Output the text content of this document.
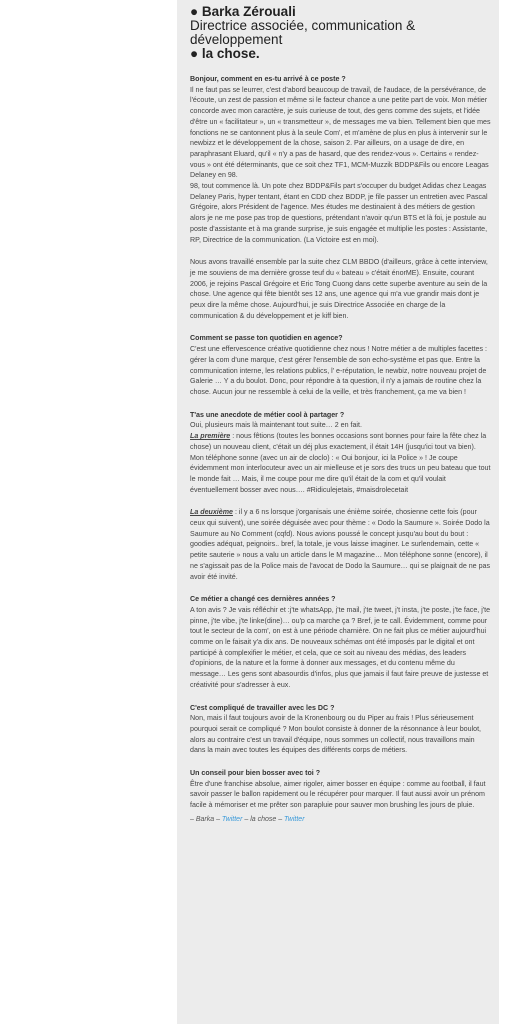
● Barka Zérouali
Directrice associée, communication &
développement
● la chose.
Bonjour, comment en es-tu arrivé à ce poste ?

Il ne faut pas se leurrer, c'est d'abord beaucoup de travail, de l'audace, de la persévérance, de l'écoute, un zest de passion et même si le facteur chance a une petite part de voix. Mon métier concorde avec mon caractère, je suis curieuse de tout, des gens comme des sujets, et l'idée d'être un « facilitateur », un « transmetteur », de messages me va bien. Tellement bien que mes fonctions ne se cantonnent plus à la seule Com', et m'amène de plus en plus à intervenir sur le newbizz et le développement de la chose, saison 2. Par ailleurs, on a usage de dire, en paraphrasant Eluard, qu'il « n'y a pas de hasard, que des rendez-vous ». Certains « rendez-vous » ont été déterminants, que ce soit chez TF1, MCM-Muzzik BDDP&Fils ou encore Leagas Delaney en 98.

98, tout commence là. Un pote chez BDDP&Fils part s'occuper du budget Adidas chez Leagas Delaney Paris, hyper tentant, étant en CDD chez BDDP, je file passer un entretien avec Pascal Grégoire, alors Président de l'agence. Mes études me destinaient à des métiers de gestion alors je ne me pose pas trop de questions, prétendant n'avoir qu'un BTS et là foi, je postule au poste d'assistante et à ma grande surprise, je suis engagée et multiplie les postes : Assistante, RP, Directrice de la communication. (La Victoire est en moi).

Nous avons travaillé ensemble par la suite chez CLM BBDO (d'ailleurs, grâce à cette interview, je me souviens de ma dernière grosse teuf du « bateau » c'était énorME). Ensuite, courant 2006, je rejoins Pascal Grégoire et Eric Tong Cuong dans cette superbe aventure au sein de la chose. Une agence qui fête bientôt ses 12 ans, une agence qui m'a vue grandir mais dont je peux dire la même chose. Aujourd'hui, je suis Directrice Associée en charge de la communication & du développement et je kiff bien.

Comment se passe ton quotidien en agence?

C'est une effervescence créative quotidienne chez nous ! Notre métier a de multiples facettes : gérer la com d'une marque, c'est gérer l'ensemble de son echo-système et pas que. Entre la communication interne, les relations publics, l' e-réputation, le newbiz, notre nouveau projet de Galerie … Y a du boulot. Donc, pour répondre à ta question, il n'y a jamais de routine chez la chose. Aucun jour ne ressemble à celui de la veille, et très franchement, ça me va bien !

T'as une anecdote de métier cool à partager ?

Oui, plusieurs mais là maintenant tout suite… 2 en fait.

La première : nous fêtions (toutes les bonnes occasions sont bonnes pour faire la fête chez la chose) un nouveau client, c'était un déj plus exactement, il était 14H (jusqu'ici tout va bien). Mon téléphone sonne (avec un air de cloclo) : « Oui bonjour, ici la Police » ! Je coupe évidemment mon interlocuteur avec un air mielleuse et je sors des trucs un peu bateau que tout le monde fait … Mais, il me coupe pour me dire qu'il était de la com et qu'il voulait éventuellement bosser avec nous…. #Ridiculejetais, #maisdrolecetait

La deuxième : il y a 6 ns lorsque j'organisais une énième soirée, chosienne cette fois (pour ceux qui suivent), une soirée déguisée avec pour thème : « Dodo la Saumure ». Soirée Dodo la Saumure au No Comment (cqfd). Nous avions poussé le concept jusqu'au bout du bout : goodies adéquat, peignoirs.. bref, la totale, je vous laisse imaginer. Le surlendemain, cette « petite sauterie » nous a valu un article dans le M magazine… Mon téléphone sonne (encore), il ne s'agissait pas de la Police mais de l'avocat de Dodo la Saumure… qui se plaignait de ne pas avoir été invité.

Ce métier a changé ces dernières années ?

A ton avis ? Je vais réfléchir et :j'te whatsApp, j'te mail, j'te tweet, j't insta, j'te poste, j'te face, j'te pinne, j'te vibe, j'te linke(dine)… ou'p ca marche ça ? Bref, je te call. Évidemment, comme pour tout le secteur de la com', on est à une période charnière. On ne fait plus ce métier aujourd'hui comme on le faisait y'a dix ans. De nouveaux schémas ont été imposés par le digital et ont participé à complexifier le métier, et cela, que ce soit au niveau des médias, des leaders d'opinions, de la nature et la forme à donner aux messages, et du contenu même du message… Les gens sont abasourdis d'infos, plus que jamais il faut faire preuve de justesse et créativité pour s'adresser à eux.

C'est compliqué de travailler avec les DC ?

Non, mais il faut toujours avoir de la Kronenbourg ou du Piper au frais ! Plus sérieusement pourquoi serait ce compliqué ? Mon boulot consiste à donner de la résonnance à leur boulot, alors au contraire c'est un travail d'équipe, nous sommes un collectif, nous travaillons main dans la main avec toutes les équipes des différents corps de métiers.

Un conseil pour bien bosser avec toi ?

Être d'une franchise absolue, aimer rigoler, aimer bosser en équipe : comme au football, il faut savoir passer le ballon rapidement ou le récupérer pour marquer. Il faut aussi avoir un prénom facile à mémoriser et me prêter son parapluie pour sauver mon brushing les jours de pluie.

– Barka – Twitter – la chose – Twitter
